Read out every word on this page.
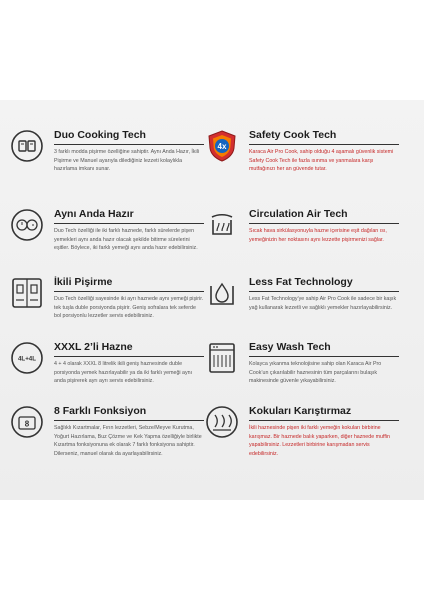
Duo Cooking Tech
3 farklı modda pişirme özelliğine sahiptir. Aynı Anda Hazır, İkili Pişirme ve Manuel ayarıyla dilediğiniz lezzeti kolaylıkla hazırlama imkanı sunar.
4x
Safety Cook Tech
Karaca Air Pro Cook, sahip olduğu 4 aşamalı güvenlik sistemi Safety Cook Tech ile fazla ısınma ve yanmalara karşı mutfağınızı her an güvende tutar.
Aynı Anda Hazır
Duo Tech özelliği ile iki farklı haznede, farklı sürelerde pişen yemekleri aynı anda hazır olacak şekilde bitirme sürelerini eşitler. Böylece, iki farklı yemeği aynı anda hazır edebilirsiniz.
Circulation Air Tech
Sıcak hava sirkülasyonuyla hazne içerisine eşit dağılan ısı, yemeğinizin her noktasını aynı lezzette pişirmenizi sağlar.
İkili Pişirme
Duo Tech özelliği sayesinde iki ayrı haznede aynı yemeği pişirir. tek tuşla duble porsiyonda pişirir. Geniş sofralara tek seferde bol porsiyonlu lezzetler servis edebilirsiniz.
Less Fat Technology
Less Fat Technology’ye sahip Air Pro Cook ile sadece bir kaşık yağ kullanarak lezzetli ve sağlıklı yemekler hazırlayabilirsiniz.
4L+4L
XXXL 2’li Hazne
4 + 4 olarak XXXL 8 litrelik ikili geniş haznesinde duble porsiyonda yemek hazırlayabilir ya da iki farklı yemeği aynı anda pişirerek ayrı ayrı servis edebilirsiniz.
Easy Wash Tech
Kolayca yıkanma teknolojisine sahip olan Karaca Air Pro Cook’un çıkarılabilir haznesinin tüm parçalarını bulaşık makinesinde güvenle yıkayabilirsiniz.
8
8 Farklı Fonksiyon
Sağlıklı Kızartmalar, Fırın lezzetleri, Sebze/Meyve Kurutma, Yoğurt Hazırlama, Buz Çözme ve Kek Yapma özelliğiyle birlikte Kızartma fonksiyonuna ek olarak 7 farklı fonksiyona sahiptir. Dilerseniz, manuel olarak da ayarlayabilirsiniz.
Kokuları Karıştırmaz
İkili haznesinde pişen iki farklı yemeğin kokuları birbirine karışmaz. Bir haznede balık yaparken, diğer haznede muffin yapabilirsiniz. Lezzetleri birbirine karışmadan servis edebilirsiniz.
